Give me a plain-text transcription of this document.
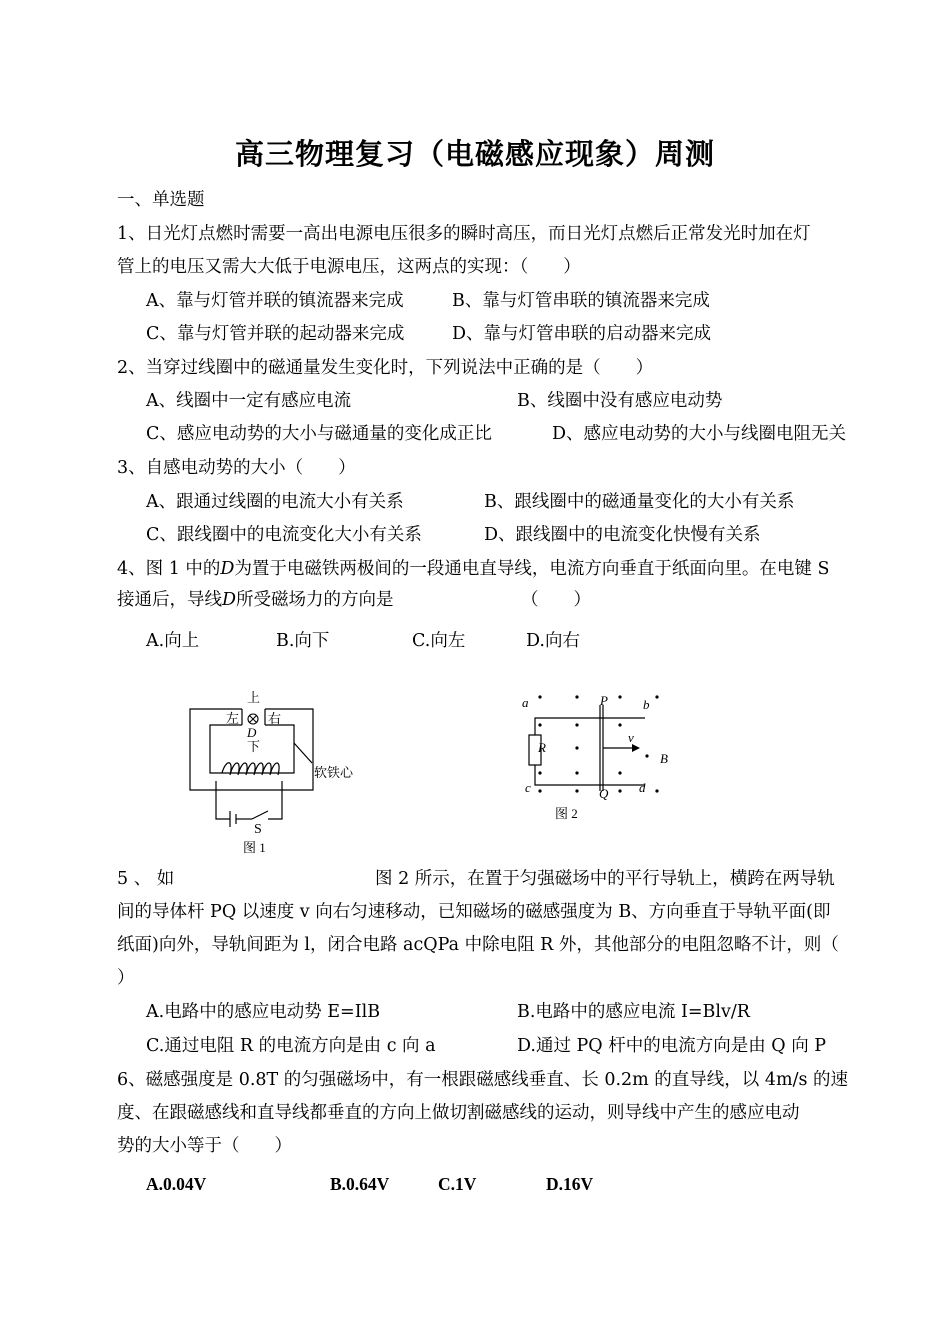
高三物理复习（电磁感应现象）周测
一、单选题
1、日光灯点燃时需要一高出电源电压很多的瞬时高压，而日光灯点燃后正常发光时加在灯
管上的电压又需大大低于电源电压，这两点的实现：（　　）
A、靠与灯管并联的镇流器来完成	B、靠与灯管串联的镇流器来完成
C、靠与灯管并联的起动器来完成	D、靠与灯管串联的启动器来完成
2、当穿过线圈中的磁通量发生变化时，下列说法中正确的是（　　）
A、线圈中一定有感应电流	B、线圈中没有感应电动势
C、感应电动势的大小与磁通量的变化成正比	D、感应电动势的大小与线圈电阻无关
3、自感电动势的大小（　　）
A、跟通过线圈的电流大小有关系	B、跟线圈中的磁通量变化的大小有关系
C、跟线圈中的电流变化大小有关系	D、跟线圈中的电流变化快慢有关系
4、图 1 中的D为置于电磁铁两极间的一段通电直导线，电流方向垂直于纸面向里。在电键 S
接通后，导线D所受磁场力的方向是	（　　）
A.向上	B.向下	C.向左	D.向右
上
左 右
D
下
软铁心
S
图 1
a	P	b
R
v
B
c	Q d
图 2
5 、 如	图 2 所示，在置于匀强磁场中的平行导轨上，横跨在两导轨
间的导体杆 PQ 以速度 v 向右匀速移动，已知磁场的磁感强度为 B、方向垂直于导轨平面(即
纸面)向外，导轨间距为 l，闭合电路 acQPa 中除电阻 R 外，其他部分的电阻忽略不计，则（
）
A.电路中的感应电动势 E=IlB	B.电路中的感应电流 I=Blv/R
C.通过电阻 R 的电流方向是由 c 向 a	D.通过 PQ 杆中的电流方向是由 Q 向 P
6、磁感强度是 0.8T 的匀强磁场中，有一根跟磁感线垂直、长 0.2m 的直导线，以 4m/s 的速
度、在跟磁感线和直导线都垂直的方向上做切割磁感线的运动，则导线中产生的感应电动
势的大小等于（　　）
A.0.04V	B.0.64V	C.1V	D.16V
